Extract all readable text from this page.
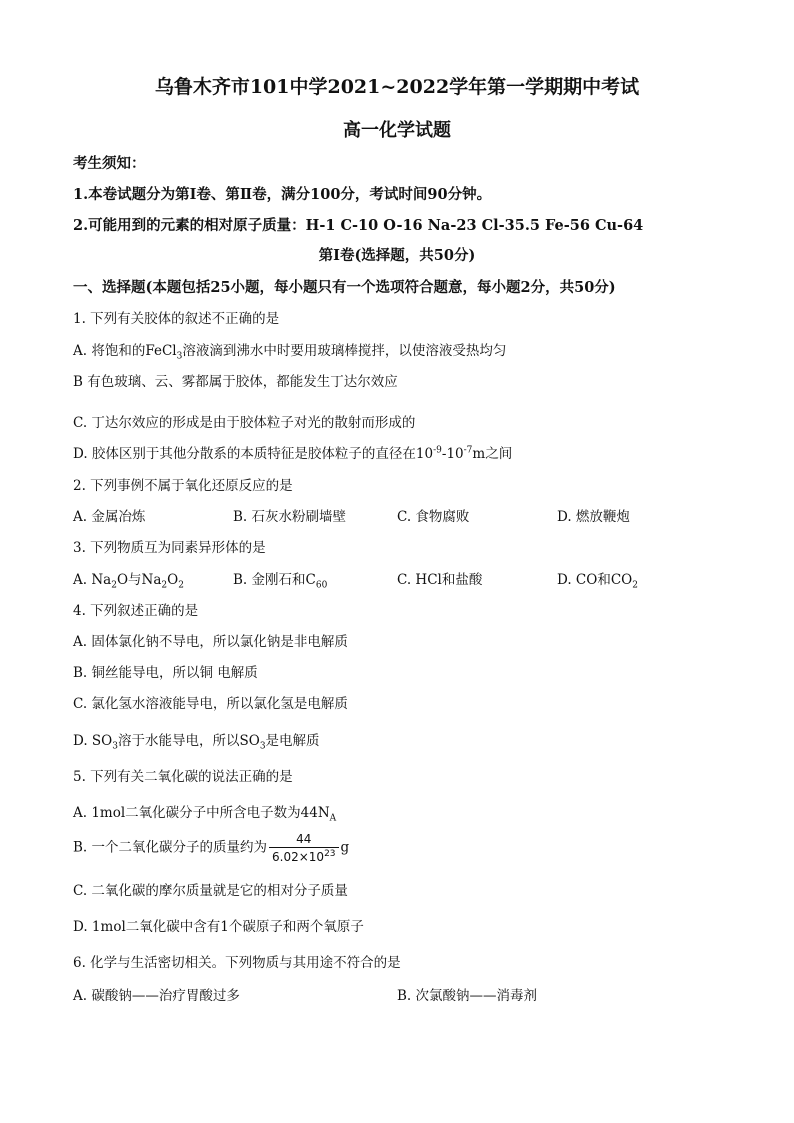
乌鲁木齐市101中学2021~2022学年第一学期期中考试
高一化学试题
考生须知：
1.本卷试题分为第Ⅰ卷、第Ⅱ卷，满分100分，考试时间90分钟。
2.可能用到的元素的相对原子质量：H-1 C-10 O-16 Na-23 Cl-35.5 Fe-56 Cu-64
第Ⅰ卷(选择题，共50分)
一、选择题(本题包括25小题，每小题只有一个选项符合题意，每小题2分，共50分)
1. 下列有关胶体的叙述不正确的是
A. 将饱和的FeCl$_3$溶液滴到沸水中时要用玻璃棒搅拌，以使溶液受热均匀
B 有色玻璃、云、雾都属于胶体，都能发生丁达尔效应
C. 丁达尔效应的形成是由于胶体粒子对光的散射而形成的
D. 胶体区别于其他分散系的本质特征是胶体粒子的直径在$10^{-9}-10^{-7}m$之间
2. 下列事例不属于氧化还原反应的是
A. 金属冶炼	B. 石灰水粉刷墙壁	C. 食物腐败	D. 燃放鞭炮
3. 下列物质互为同素异形体的是
A. $Na_2O$与$Na_2O_2$	B. 金刚石和$C_{60}$	C. HCl和盐酸	D. CO和$CO_2$
4. 下列叙述正确的是
A. 固体氯化钠不导电，所以氯化钠是非电解质
B. 铜丝能导电，所以铜 电解质
C. 氯化氢水溶液能导电，所以氯化氢是电解质
D. $SO_3$溶于水能导电，所以$SO_3$是电解质
5. 下列有关二氧化碳的说法正确的是
A. 1mol二氧化碳分子中所含电子数为$44N_A$
B. 一个二氧化碳分子的质量约为 $\frac{44}{6.02\times 10^{23}}$ g
C. 二氧化碳的摩尔质量就是它的相对分子质量
D. 1mol二氧化碳中含有1个碳原子和两个氧原子
6. 化学与生活密切相关。下列物质与其用途不符合的是
A. 碳酸钠——治疗胃酸过多	B. 次氯酸钠——消毒剂
